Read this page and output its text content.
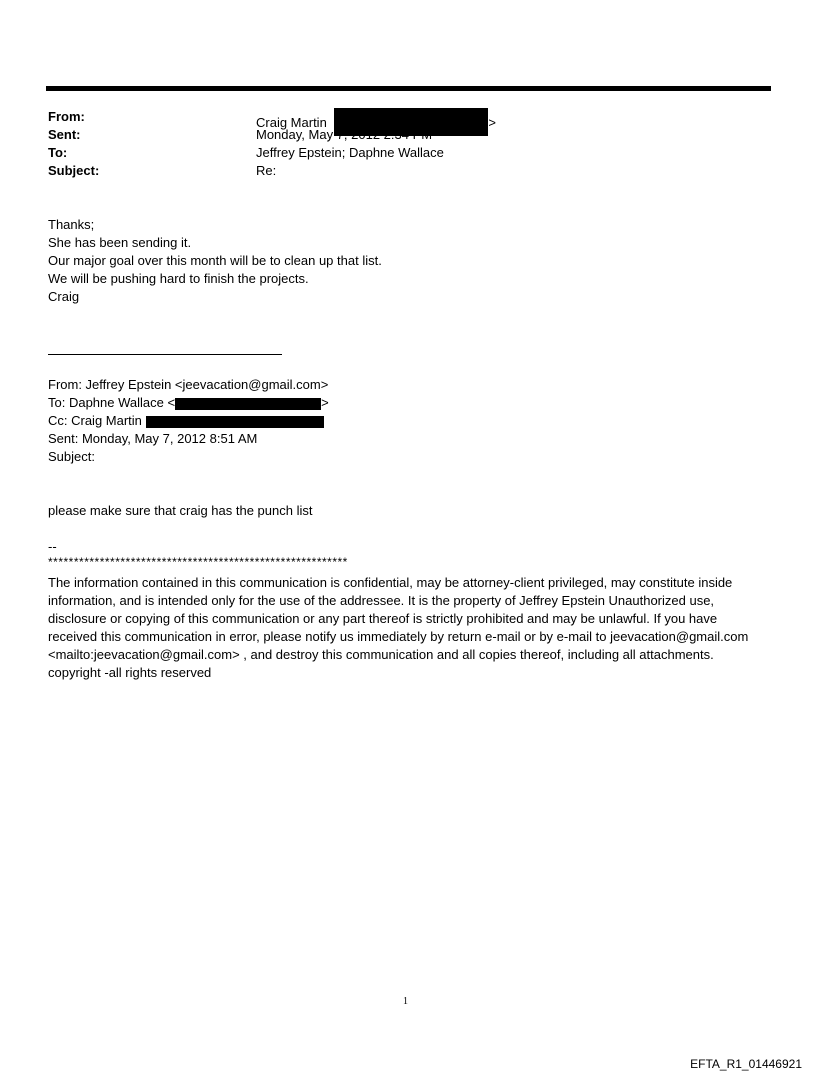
From:	Craig Martin	>
Sent:	Monday, May 7, 2012 2:34 PM
To:	Jeffrey Epstein; Daphne Wallace
Subject:	Re:
Thanks;
She has been sending it.
Our major goal over this month will be to clean up that list.
We will be pushing hard to finish the projects.
Craig
From: Jeffrey Epstein <jeevacation@gmail.com>
To: Daphne Wallace <	>
Cc: Craig Martin
Sent: Monday, May 7, 2012 8:51 AM
Subject:
please make sure that craig has the punch list
--
**********************************************************
The information contained in this communication is confidential, may be attorney-client privileged, may constitute inside information, and is intended only for the use of the addressee. It is the property of Jeffrey Epstein Unauthorized use, disclosure or copying of this communication or any part thereof is strictly prohibited and may be unlawful. If you have received this communication in error, please notify us immediately by return e-mail or by e-mail to jeevacation@gmail.com <mailto:jeevacation@gmail.com> , and destroy this communication and all copies thereof, including all attachments. copyright -all rights reserved
1
EFTA_R1_01446921
